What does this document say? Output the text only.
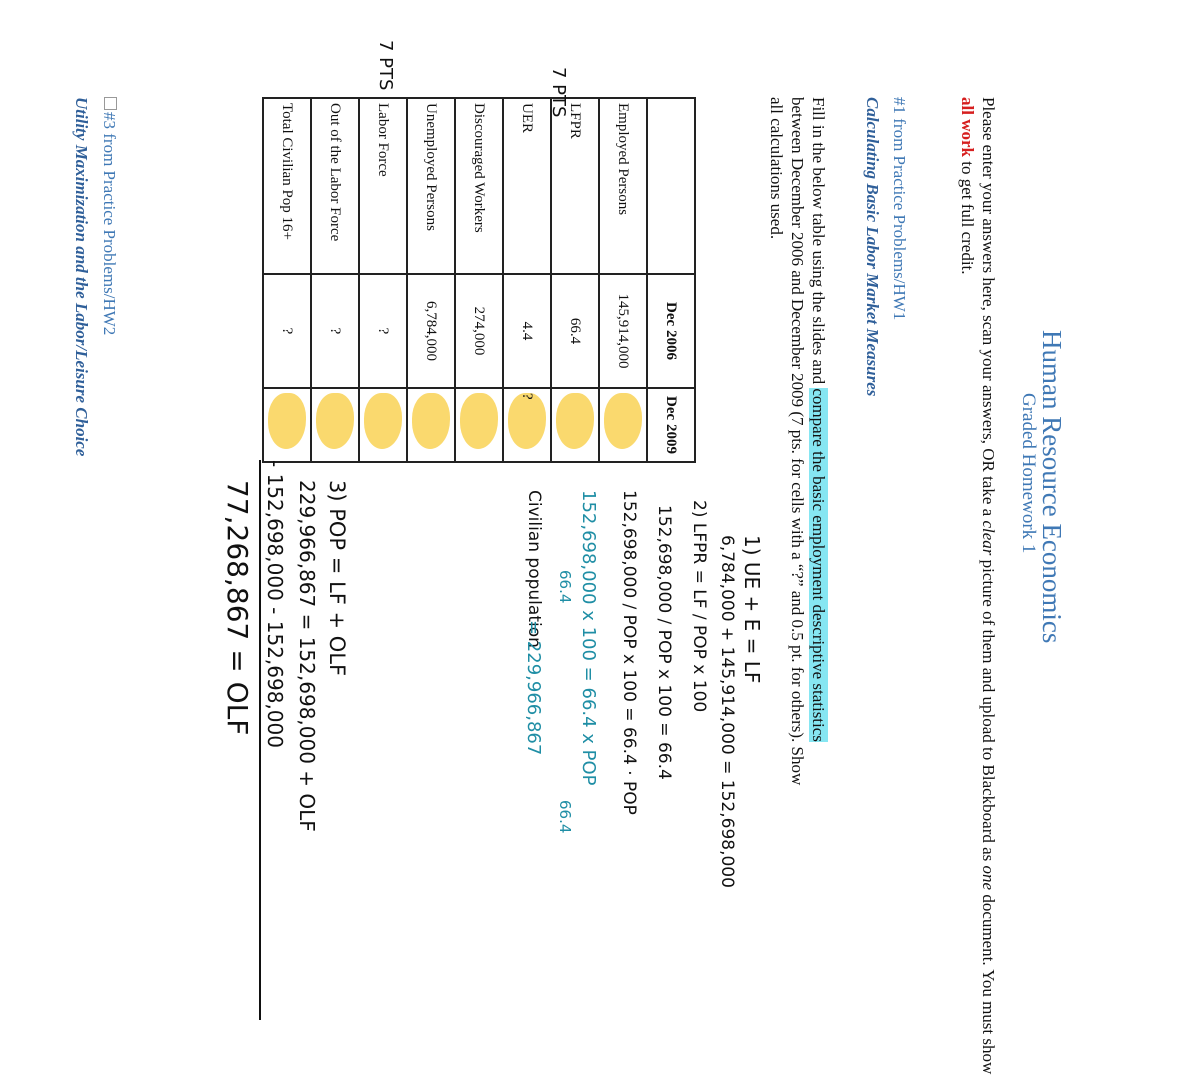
Human Resource Economics
Graded Homework 1
Please enter your answers here, scan your answers, OR take a clear picture of them and upload to Blackboard as one document. You must show all work to get full credit.
#1 from Practice Problems/HW1
Calculating Basic Labor Market Measures
Fill in the below table using the slides and compare the basic employment descriptive statistics between December 2006 and December 2009 (7 pts. for cells with a “?” and 0.5 pt. for others). Show all calculations used.
	Dec 2006	Dec 2009
Employed Persons	145,914,000	

LFPR	66.4	

UER	4.4	?
Discouraged Workers	274,000	

Unemployed Persons	6,784,000	

Labor Force	?	

Out of the Labor Force	?	

Total Civilian Pop 16+	?	
7 PTS
7 PTS
1) UE + E = LF
6,784,000 + 145,914,000 = 152,698,000
2) LFPR = LF / POP x 100
152,698,000 / POP x 100 = 66.4
152,698,000 / POP x 100 = 66.4 · POP
152,698,000 x 100 = 66.4 x POP
66.4
66.4
Civilian population
= 229,966,867
3) POP = LF + OLF
229,966,867 = 152,698,000 + OLF
- 152,698,000 - 152,698,000
77,268,867 = OLF
#3 from Practice Problems/HW2
Utility Maximization and the Labor/Leisure Choice
